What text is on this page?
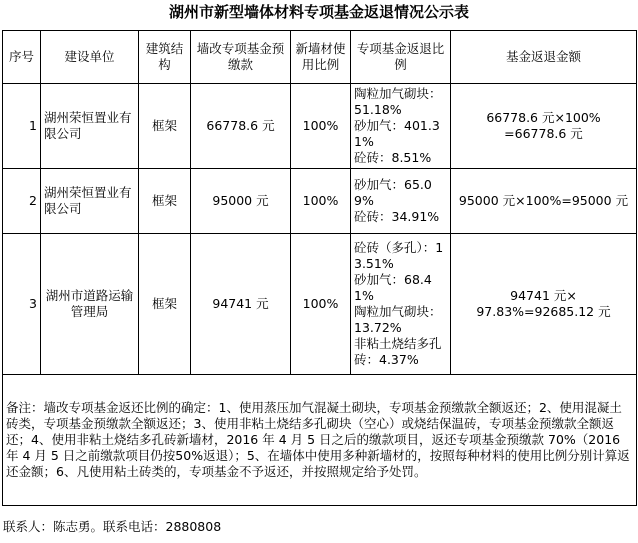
湖州市新型墙体材料专项基金返退情况公示表
序号	建设单位	建筑结构	墙改专项基金预缴款	新墙材使用比例	专项基金返退比例	基金返退金额
1	湖州荣恒置业有限公司	框架	66778.6 元	100%	陶粒加气砌块：51.18%
砂加气：401.31%
砼砖：8.51%	66778.6 元×100%
=66778.6 元

2	湖州荣恒置业有限公司	框架	95000 元	100%	砂加气：65.09%
砼砖：34.91%	95000 元×100%=95000 元

3	湖州市道路运输管理局	框架	94741 元	100%	砼砖（多孔）：13.51%
砂加气：68.41%
陶粒加气砌块：13.72%
非粘土烧结多孔砖：4.37%	94741 元×
97.83%=92685.12 元

备注：墙改专项基金返还比例的确定：1、使用蒸压加气混凝土砌块，专项基金预缴款全额返还；2、使用混凝土砖类，专项基金预缴款全额返还；3、使用非粘土烧结多孔砌块（空心）或烧结保温砖，专项基金预缴款全额返还；4、使用非粘土烧结多孔砖新墙材，2016 年 4 月 5 日之后的缴款项目，返还专项基金预缴款 70%（2016 年 4 月 5 日之前缴款项目仍按50%返退）；5、在墙体中使用多种新墙材的，按照每种材料的使用比例分别计算返还金额；6、凡使用粘土砖类的，专项基金不予返还，并按照规定给予处罚。						
联系人：陈志勇。联系电话：2880808
